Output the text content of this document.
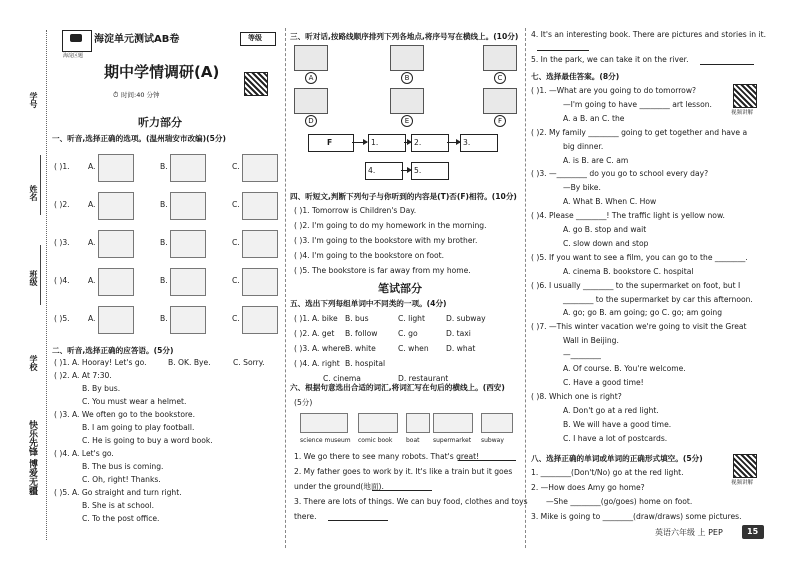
学号
姓名
班级
学校
快乐先锋 博爱无疆
海淀区题
海淀单元测试AB卷	等级
期中学情调研(A)
⏱ 时间:40 分钟
听力部分
一、听音,选择正确的选项。(温州瑞安市改编)(5分)
( )1. A.	B.	C.
( )2. A.	B.	C.
( )3. A.	B.	C.
( )4. A.	B.	C.
( )5. A.	B.	C.
二、听音,选择正确的应答语。(5分)
( )1. A. Hooray! Let's go.	B. OK. Bye.	C. Sorry.
( )2. A. At 7:30.
B. By bus.
C. You must wear a helmet.
( )3. A. We often go to the bookstore.
B. I am going to play football.
C. He is going to buy a word book.
( )4. A. Let's go.
B. The bus is coming.
C. Oh, right! Thanks.
( )5. A. Go straight and turn right.
B. She is at school.
C. To the post office.
三、听对话,按路线顺序排列下列各地点,将序号写在横线上。(10分)
A	B	C
D	E	F
F	1.	2.	3.
4.	5.
四、听短文,判断下列句子与你听到的内容是(T)否(F)相符。(10分)
( )1. Tomorrow is Children's Day.
( )2. I'm going to do my homework in the morning.
( )3. I'm going to the bookstore with my brother.
( )4. I'm going to the bookstore on foot.
( )5. The bookstore is far away from my home.
笔试部分
五、选出下列每组单词中不同类的一项。(4分)
( )1. A. bike B. bus	C. light	D. subway
( )2. A. get B. follow	C. go	D. taxi
( )3. A. where B. white	C. when D. what
( )4. A. right B. hospital
C. cinema	D. restaurant
六、根据句意选出合适的词汇,将词汇写在句后的横线上。(西安)
(5分)
science museum comic book boat supermarket subway
1. We go there to see many robots. That's great!
2. My father goes to work by it. It's like a train but it goes
under the ground(地面).
3. There are lots of things. We can buy food, clothes and toys
there.
4. It's an interesting book. There are pictures and stories in it.
5. In the park, we can take it on the river.
七、选择最佳答案。(8分)
视频讲解
( )1. —What are you going to do tomorrow?
—I'm going to have ________ art lesson.
A. a B. an C. the
( )2. My family ________ going to get together and have a
big dinner.
A. is B. are C. am
( )3. —________ do you go to school every day?
—By bike.
A. What B. When C. How
( )4. Please ________! The traffic light is yellow now.
A. go B. stop and wait
C. slow down and stop
( )5. If you want to see a film, you can go to the ________.
A. cinema B. bookstore C. hospital
( )6. I usually ________ to the supermarket on foot, but I
________ to the supermarket by car this afternoon.
A. go; go B. am going; go C. go; am going
( )7. —This winter vacation we're going to visit the Great
Wall in Beijing.
—________
A. Of course. B. You're welcome.
C. Have a good time!
( )8. Which one is right?
A. Don't go at a red light.
B. We will have a good time.
C. I have a lot of postcards.
八、选择正确的单词或单词的正确形式填空。(5分)
视频讲解
1. ________(Don't/No) go at the red light.
2. —How does Amy go home?
—She ________(go/goes) home on foot.
3. Mike is going to ________(draw/draws) some pictures.
英语六年级 上 PEP	15
